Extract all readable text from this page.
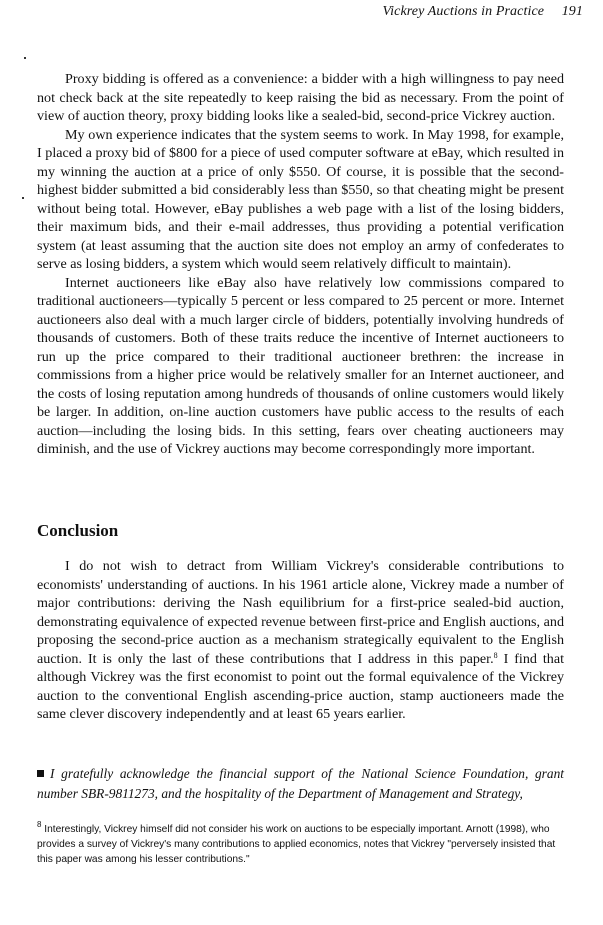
Vickrey Auctions in Practice 191

Proxy bidding is offered as a convenience: a bidder with a high willingness to pay need not check back at the site repeatedly to keep raising the bid as necessary. From the point of view of auction theory, proxy bidding looks like a sealed-bid, second-price Vickrey auction.

My own experience indicates that the system seems to work. In May 1998, for example, I placed a proxy bid of $800 for a piece of used computer software at eBay, which resulted in my winning the auction at a price of only $550. Of course, it is possible that the second-highest bidder submitted a bid considerably less than $550, so that cheating might be present without being total. However, eBay publishes a web page with a list of the losing bidders, their maximum bids, and their e-mail addresses, thus providing a potential verification system (at least assuming that the auction site does not employ an army of confederates to serve as losing bidders, a system which would seem relatively difficult to maintain).

Internet auctioneers like eBay also have relatively low commissions compared to traditional auctioneers—typically 5 percent or less compared to 25 percent or more. Internet auctioneers also deal with a much larger circle of bidders, potentially involving hundreds of thousands of customers. Both of these traits reduce the incentive of Internet auctioneers to run up the price compared to their traditional auctioneer brethren: the increase in commissions from a higher price would be relatively smaller for an Internet auctioneer, and the costs of losing reputation among hundreds of thousands of online customers would likely be larger. In addition, on-line auction customers have public access to the results of each auction—including the losing bids. In this setting, fears over cheating auctioneers may diminish, and the use of Vickrey auctions may become correspondingly more important.

Conclusion

I do not wish to detract from William Vickrey's considerable contributions to economists' understanding of auctions. In his 1961 article alone, Vickrey made a number of major contributions: deriving the Nash equilibrium for a first-price sealed-bid auction, demonstrating equivalence of expected revenue between first-price and English auctions, and proposing the second-price auction as a mechanism strategically equivalent to the English auction. It is only the last of these contributions that I address in this paper.$^8$ I find that although Vickrey was the first economist to point out the formal equivalence of the Vickrey auction to the conventional English ascending-price auction, stamp auctioneers made the same clever discovery independently and at least 65 years earlier.

I gratefully acknowledge the financial support of the National Science Foundation, grant number SBR-9811273, and the hospitality of the Department of Management and Strategy,

$^8$ Interestingly, Vickrey himself did not consider his work on auctions to be especially important. Arnott (1998), who provides a survey of Vickrey's many contributions to applied economics, notes that Vickrey "perversely insisted that this paper was among his lesser contributions."
